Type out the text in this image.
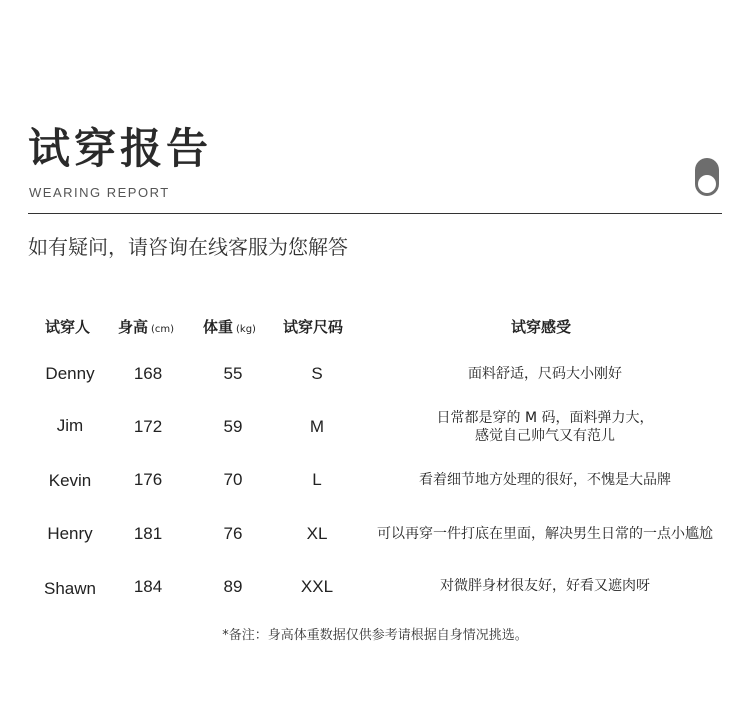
试穿报告
WEARING REPORT
如有疑问，请咨询在线客服为您解答
试穿人 身高 (cm) 体重 (kg) 试穿尺码	试穿感受
Denny 168	55	S	面料舒适，尺码大小刚好
Jim	172	59	M	日常都是穿的 M 码，面料弹力大，
感觉自己帅气又有范儿
Kevin	176	70	L	看着细节地方处理的很好，不愧是大品牌
Henry 181	76	XL	可以再穿一件打底在里面，解决男生日常的一点小尴尬
Shawn 184	89	XXL	对微胖身材很友好，好看又遮肉呀
*备注：身高体重数据仅供参考请根据自身情况挑选。
